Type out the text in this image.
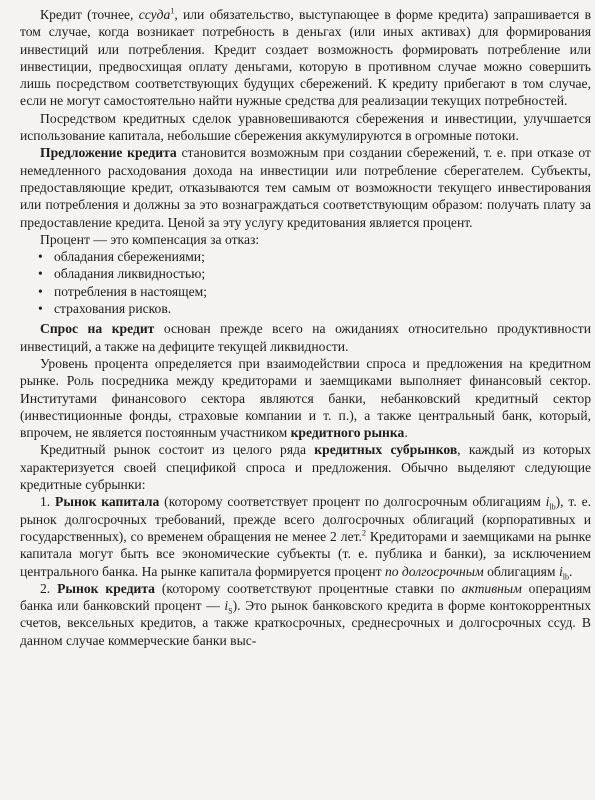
Кредит (точнее, ссуда$^1$, или обязательство, выступающее в форме кредита) запрашивается в том случае, когда возникает потребность в деньгах (или иных активах) для формирования инвестиций или потребления. Кредит создает возможность формировать потребление или инвестиции, предвосхищая оплату деньгами, которую в противном случае можно совершить лишь посредством соответствующих будущих сбережений. К кредиту прибегают в том случае, если не могут самостоятельно найти нужные средства для реализации текущих потребностей.

Посредством кредитных сделок уравновешиваются сбережения и инвестиции, улучшается использование капитала, небольшие сбережения аккумулируются в огромные потоки.

Предложение кредита становится возможным при создании сбережений, т. е. при отказе от немедленного расходования дохода на инвестиции или потребление сберегателем. Субъекты, предоставляющие кредит, отказываются тем самым от возможности текущего инвестирования или потребления и должны за это вознаграждаться соответствующим образом: получать плату за предоставление кредита. Ценой за эту услугу кредитования является процент.

Процент — это компенсация за отказ:

• обладания сбережениями;
• обладания ликвидностью;
• потребления в настоящем;
• страхования рисков.

Спрос на кредит основан прежде всего на ожиданиях относительно продуктивности инвестиций, а также на дефиците текущей ликвидности.

Уровень процента определяется при взаимодействии спроса и предложения на кредитном рынке. Роль посредника между кредиторами и заемщиками выполняет финансовый сектор. Институтами финансового сектора являются банки, небанковский кредитный сектор (инвестиционные фонды, страховые компании и т. п.), а также центральный банк, который, впрочем, не является постоянным участником кредитного рынка.

Кредитный рынок состоит из целого ряда кредитных субрынков, каждый из которых характеризуется своей спецификой спроса и предложения. Обычно выделяют следующие кредитные субрынки:

1. Рынок капитала (которому соответствует процент по долгосрочным облигациям $i_{lb}$), т. е. рынок долгосрочных требований, прежде всего долгосрочных облигаций (корпоративных и государственных), со временем обращения не менее 2 лет.$^2$ Кредиторами и заемщиками на рынке капитала могут быть все экономические субъекты (т. е. публика и банки), за исключением центрального банка. На рынке капитала формируется процент по долгосрочным облигациям $i_{lb}$.

2. Рынок кредита (которому соответствуют процентные ставки по активным операциям банка или банковский процент — $i_S$). Это рынок банковского кредита в форме контокоррентных счетов, вексельных кредитов, а также краткосрочных, среднесрочных и долгосрочных ссуд. В данном случае коммерческие банки выс-
